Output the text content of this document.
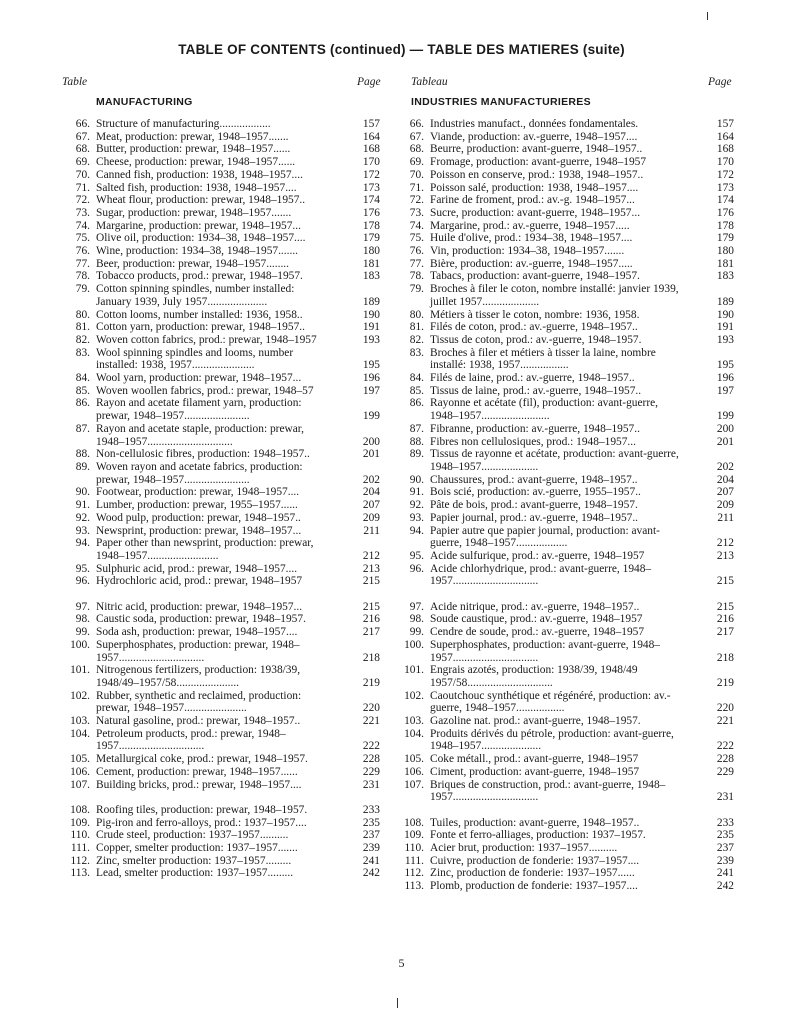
TABLE OF CONTENTS (continued) — TABLE DES MATIERES (suite)
Table	Page	Tableau	Page
MANUFACTURING	INDUSTRIES MANUFACTURIERES
66. Structure of manufacturing..................	157
67. Meat, production: prewar, 1948–1957.......	164
68. Butter, production: prewar, 1948–1957......	168
69. Cheese, production: prewar, 1948–1957......	170
70. Canned fish, production: 1938, 1948–1957....	172
71. Salted fish, production: 1938, 1948–1957....	173
72. Wheat flour, production: prewar, 1948–1957..	174
73. Sugar, production: prewar, 1948–1957.......	176
74. Margarine, production: prewar, 1948–1957...	178
75. Olive oil, production: 1934–38, 1948–1957....	179
76. Wine, production: 1934–38, 1948–1957.......	180
77. Beer, production: prewar, 1948–1957........	181
78. Tobacco products, prod.: prewar, 1948–1957.	183
79. Cotton spinning spindles, number installed: January 1939, July 1957.....................	189
80. Cotton looms, number installed: 1936, 1958..	190
81. Cotton yarn, production: prewar, 1948–1957..	191
82. Woven cotton fabrics, prod.: prewar, 1948–1957	193
83. Wool spinning spindles and looms, number installed: 1938, 1957......................	195
84. Wool yarn, production: prewar, 1948–1957...	196
85. Woven woollen fabrics, prod.: prewar, 1948–57	197
86. Rayon and acetate filament yarn, production: prewar, 1948–1957.......................	199
87. Rayon and acetate staple, production: prewar, 1948–1957..............................	200
88. Non-cellulosic fibres, production: 1948–1957..	201
89. Woven rayon and acetate fabrics, production: prewar, 1948–1957.......................	202
90. Footwear, production: prewar, 1948–1957....	204
91. Lumber, production: prewar, 1955–1957......	207
92. Wood pulp, production: prewar, 1948–1957..	209
93. Newsprint, production: prewar, 1948–1957...	211
94. Paper other than newsprint, production: prewar, 1948–1957.........................	212
95. Sulphuric acid, prod.: prewar, 1948–1957....	213
96. Hydrochloric acid, prod.: prewar, 1948–1957	215
97. Nitric acid, production: prewar, 1948–1957...	215
98. Caustic soda, production: prewar, 1948–1957.	216
99. Soda ash, production: prewar, 1948–1957....	217
100. Superphosphates, production: prewar, 1948–1957..............................	218
101. Nitrogenous fertilizers, production: 1938/39, 1948/49–1957/58......................	219
102. Rubber, synthetic and reclaimed, production: prewar, 1948–1957......................	220
103. Natural gasoline, prod.: prewar, 1948–1957..	221
104. Petroleum products, prod.: prewar, 1948–1957..............................	222
105. Metallurgical coke, prod.: prewar, 1948–1957.	228
106. Cement, production: prewar, 1948–1957......	229
107. Building bricks, prod.: prewar, 1948–1957....	231
108. Roofing tiles, production: prewar, 1948–1957.	233
109. Pig-iron and ferro-alloys, prod.: 1937–1957....	235
110. Crude steel, production: 1937–1957..........	237
111. Copper, smelter production: 1937–1957.......	239
112. Zinc, smelter production: 1937–1957.........	241
113. Lead, smelter production: 1937–1957.........	242
66. Industries manufact., données fondamentales.	157
67. Viande, production: av.-guerre, 1948–1957....	164
68. Beurre, production: avant-guerre, 1948–1957..	168
69. Fromage, production: avant-guerre, 1948–1957	170
70. Poisson en conserve, prod.: 1938, 1948–1957..	172
71. Poisson salé, production: 1938, 1948–1957....	173
72. Farine de froment, prod.: av.-g. 1948–1957...	174
73. Sucre, production: avant-guerre, 1948–1957...	176
74. Margarine, prod.: av.-guerre, 1948–1957.....	178
75. Huile d'olive, prod.: 1934–38, 1948–1957....	179
76. Vin, production: 1934–38, 1948–1957.......	180
77. Bière, production: av.-guerre, 1948–1957.....	181
78. Tabacs, production: avant-guerre, 1948–1957.	183
79. Broches à filer le coton, nombre installé: janvier 1939, juillet 1957....................	189
80. Métiers à tisser le coton, nombre: 1936, 1958.	190
81. Filés de coton, prod.: av.-guerre, 1948–1957..	191
82. Tissus de coton, prod.: av.-guerre, 1948–1957.	193
83. Broches à filer et métiers à tisser la laine, nombre installé: 1938, 1957.................	195
84. Filés de laine, prod.: av.-guerre, 1948–1957..	196
85. Tissus de laine, prod.: av.-guerre, 1948–1957..	197
86. Rayonne et acétate (fil), production: avant-guerre, 1948–1957........................	199
87. Fibranne, production: av.-guerre, 1948–1957..	200
88. Fibres non cellulosiques, prod.: 1948–1957...	201
89. Tissus de rayonne et acétate, production: avant-guerre, 1948–1957....................	202
90. Chaussures, prod.: avant-guerre, 1948–1957..	204
91. Bois scié, production: av.-guerre, 1955–1957..	207
92. Pâte de bois, prod.: avant-guerre, 1948–1957.	209
93. Papier journal, prod.: av.-guerre, 1948–1957..	211
94. Papier autre que papier journal, production: avant-guerre, 1948–1957..................	212
95. Acide sulfurique, prod.: av.-guerre, 1948–1957	213
96. Acide chlorhydrique, prod.: avant-guerre, 1948–1957..............................	215
97. Acide nitrique, prod.: av.-guerre, 1948–1957..	215
98. Soude caustique, prod.: av.-guerre, 1948–1957	216
99. Cendre de soude, prod.: av.-guerre, 1948–1957	217
100. Superphosphates, production: avant-guerre, 1948–1957..............................	218
101. Engrais azotés, production: 1938/39, 1948/49 1957/58..............................	219
102. Caoutchouc synthétique et régénéré, production: av.-guerre, 1948–1957.................	220
103. Gazoline nat. prod.: avant-guerre, 1948–1957.	221
104. Produits dérivés du pétrole, production: avant-guerre, 1948–1957.....................	222
105. Coke métall., prod.: avant-guerre, 1948–1957	228
106. Ciment, production: avant-guerre, 1948–1957	229
107. Briques de construction, prod.: avant-guerre, 1948–1957..............................	231
108. Tuiles, production: avant-guerre, 1948–1957..	233
109. Fonte et ferro-alliages, production: 1937–1957.	235
110. Acier brut, production: 1937–1957..........	237
111. Cuivre, production de fonderie: 1937–1957....	239
112. Zinc, production de fonderie: 1937–1957......	241
113. Plomb, production de fonderie: 1937–1957....	242
5
